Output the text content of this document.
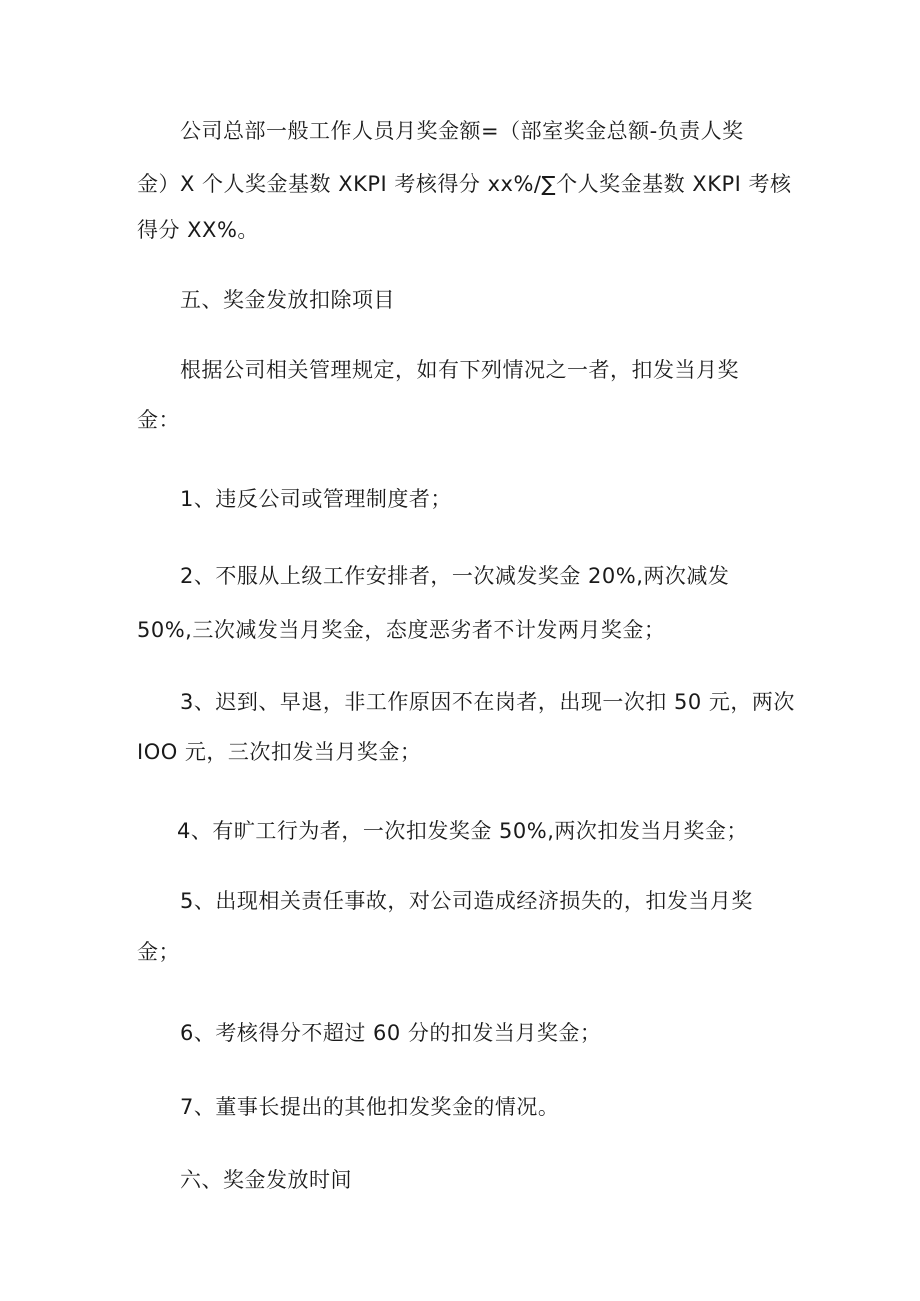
公司总部一般工作人员月奖金额=（部室奖金总额-负责人奖
金）X 个人奖金基数 XKPI 考核得分 xx%∕∑个人奖金基数 XKPI 考核
得分 XX%。
五、奖金发放扣除项目
根据公司相关管理规定，如有下列情况之一者，扣发当月奖
金：
1、违反公司或管理制度者；
2、不服从上级工作安排者，一次减发奖金 20%,两次减发
50%,三次减发当月奖金，态度恶劣者不计发两月奖金；
3、迟到、早退，非工作原因不在岗者，出现一次扣 50 元，两次
IOO 元，三次扣发当月奖金；
4、有旷工行为者，一次扣发奖金 50%,两次扣发当月奖金；
5、出现相关责任事故，对公司造成经济损失的，扣发当月奖
金；
6、考核得分不超过 60 分的扣发当月奖金；
7、董事长提出的其他扣发奖金的情况。
六、奖金发放时间
